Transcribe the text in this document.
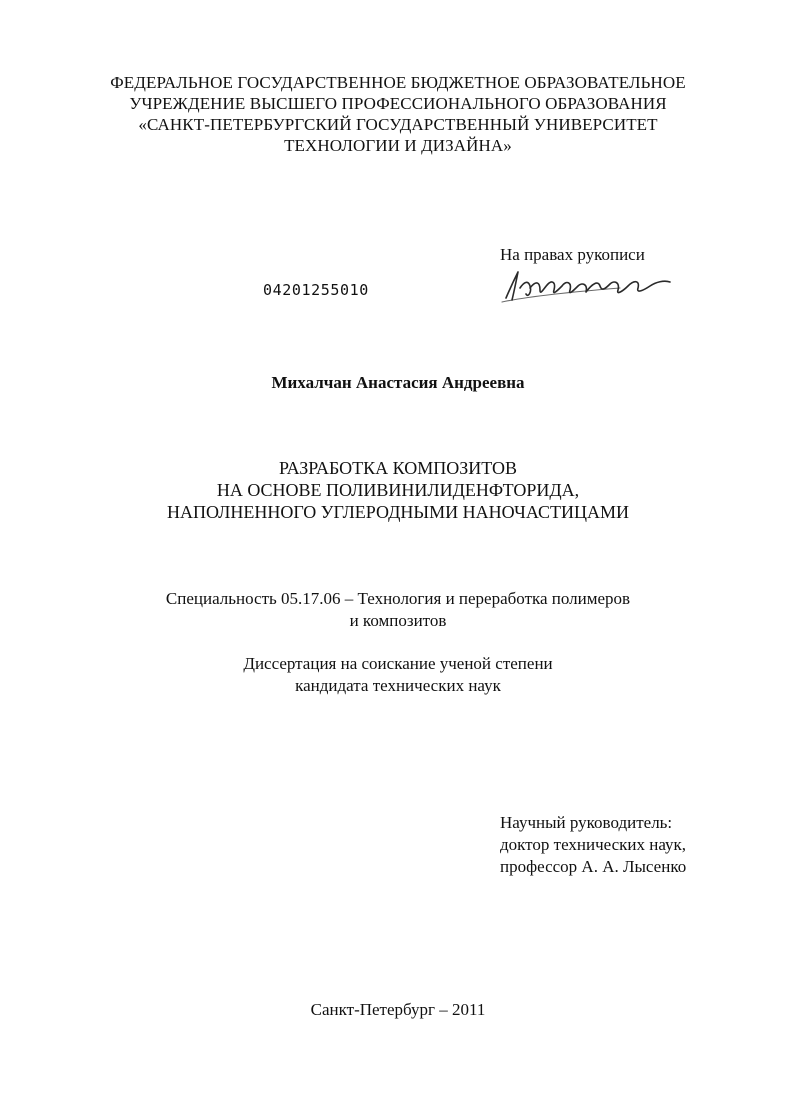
ФЕДЕРАЛЬНОЕ ГОСУДАРСТВЕННОЕ БЮДЖЕТНОЕ ОБРАЗОВАТЕЛЬНОЕ
УЧРЕЖДЕНИЕ ВЫСШЕГО ПРОФЕССИОНАЛЬНОГО ОБРАЗОВАНИЯ
«САНКТ-ПЕТЕРБУРГСКИЙ ГОСУДАРСТВЕННЫЙ УНИВЕРСИТЕТ
ТЕХНОЛОГИИ И ДИЗАЙНА»
На правах рукописи
04201255010
Михалчан Анастасия Андреевна
РАЗРАБОТКА КОМПОЗИТОВ
НА ОСНОВЕ ПОЛИВИНИЛИДЕНФТОРИДА,
НАПОЛНЕННОГО УГЛЕРОДНЫМИ НАНОЧАСТИЦАМИ
Специальность 05.17.06 – Технология и переработка полимеров
и композитов
Диссертация на соискание ученой степени
кандидата технических наук
Научный руководитель:
доктор технических наук,
профессор А. А. Лысенко
Санкт-Петербург – 2011
